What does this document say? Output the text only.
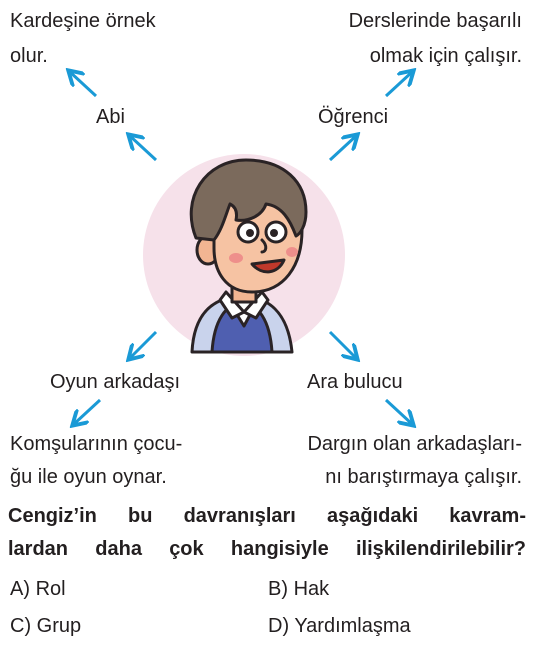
Kardeşine örnek
olur.
Derslerinde başarılı
olmak için çalışır.
Abi	Öğrenci
Oyun arkadaşı	Ara bulucu
Komşularının çocu-
ğu ile oyun oynar.
Dargın olan arkadaşları-
nı barıştırmaya çalışır.
Cengiz’in bu davranışları aşağıdaki kavram-
lardan daha çok hangisiyle ilişkilendirilebilir?
A) Rol	B) Hak
C) Grup	D) Yardımlaşma
